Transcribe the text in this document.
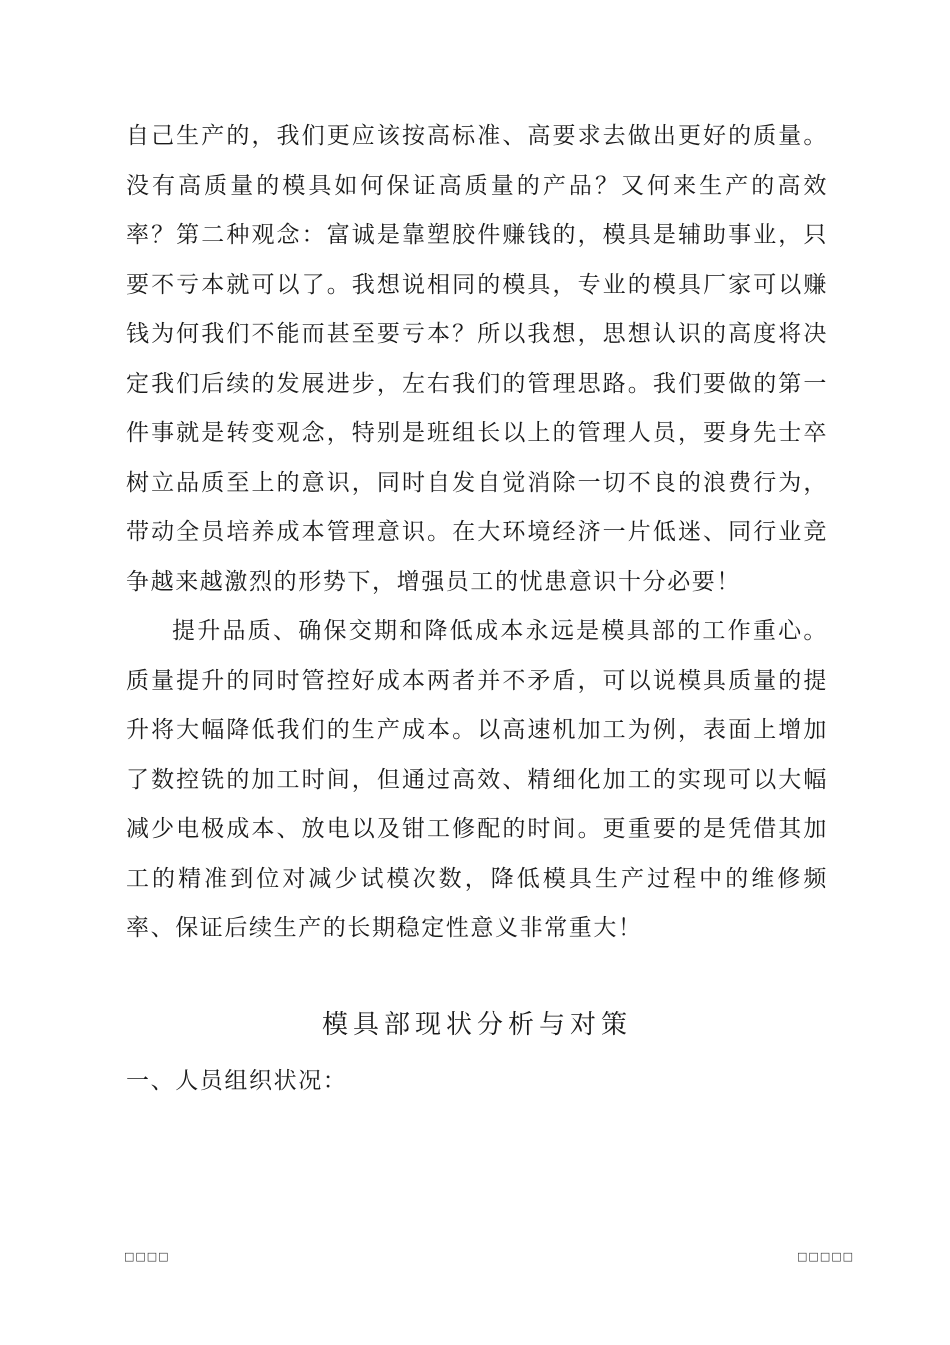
自己生产的，我们更应该按高标准、高要求去做出更好的质量。没有高质量的模具如何保证高质量的产品？又何来生产的高效率？第二种观念：富诚是靠塑胶件赚钱的，模具是辅助事业，只要不亏本就可以了。我想说相同的模具，专业的模具厂家可以赚钱为何我们不能而甚至要亏本？所以我想，思想认识的高度将决定我们后续的发展进步，左右我们的管理思路。我们要做的第一件事就是转变观念，特别是班组长以上的管理人员，要身先士卒树立品质至上的意识，同时自发自觉消除一切不良的浪费行为，带动全员培养成本管理意识。在大环境经济一片低迷、同行业竞争越来越激烈的形势下，增强员工的忧患意识十分必要！

提升品质、确保交期和降低成本永远是模具部的工作重心。质量提升的同时管控好成本两者并不矛盾，可以说模具质量的提升将大幅降低我们的生产成本。以高速机加工为例，表面上增加了数控铣的加工时间，但通过高效、精细化加工的实现可以大幅减少电极成本、放电以及钳工修配的时间。更重要的是凭借其加工的精准到位对减少试模次数，降低模具生产过程中的维修频率、保证后续生产的长期稳定性意义非常重大！

模具部现状分析与对策

一、人员组织状况：

□□□□	□□□□□
